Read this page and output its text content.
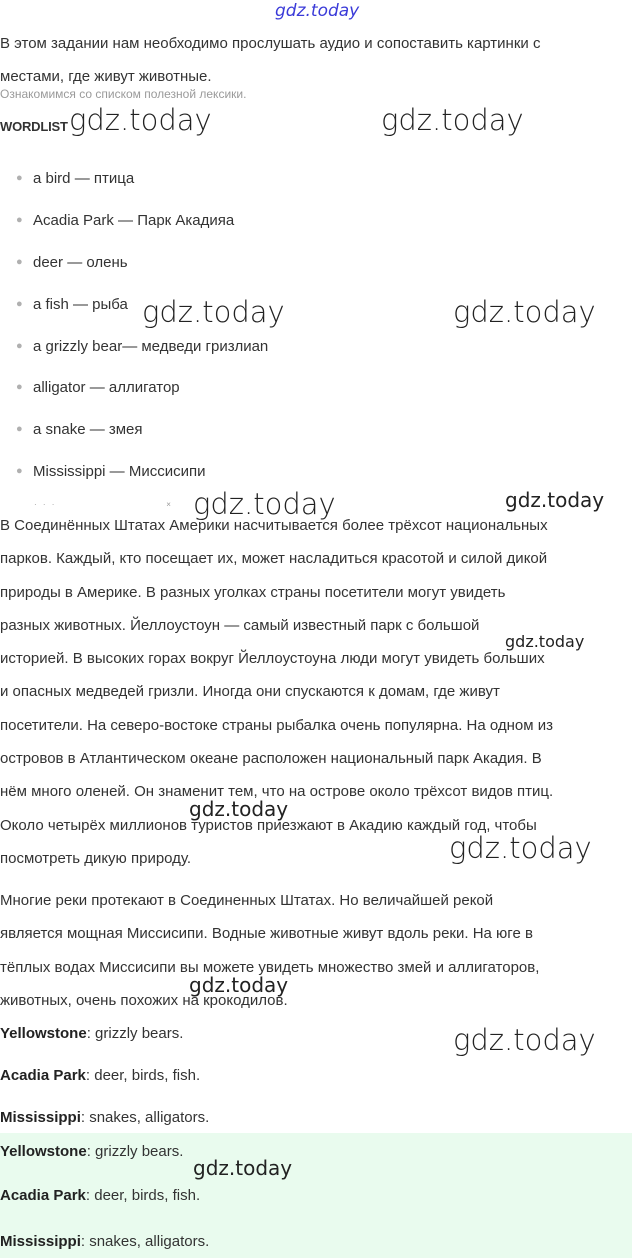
gdz.today
В этом задании нам необходимо прослушать аудио и сопоставить картинки с
местами, где живут животные.
Ознакомимся со списком полезной лексики.
WORDLIST
● a bird — птица
● Acadia Park — Парк Акадияа
● deer — олень
● a fish — рыба
● a grizzly bear— медведи гризлиan
● alligator — аллигатор
● a snake — змея
● Mississippi — Миссисипи
· · ·                          ×
В Соединённых Штатах Америки насчитывается более трёхсот национальных
парков. Каждый, кто посещает их, может насладиться красотой и силой дикой
природы в Америке. В разных уголках страны посетители могут увидеть
разных животных. Йеллоустоун — самый известный парк с большой
историей. В высоких горах вокруг Йеллоустоуна люди могут увидеть больших
и опасных медведей гризли. Иногда они спускаются к домам, где живут
посетители. На северо-востоке страны рыбалка очень популярна. На одном из
островов в Атлантическом океане расположен национальный парк Акадия. В
нём много оленей. Он знаменит тем, что на острове около трёхсот видов птиц.
Около четырёх миллионов туристов приезжают в Акадию каждый год, чтобы
посмотреть дикую природу.
Многие реки протекают в Соединенных Штатах. Но величайшей рекой
является мощная Миссисипи. Водные животные живут вдоль реки. На юге в
тёплых водах Миссисипи вы можете увидеть множество змей и аллигаторов,
животных, очень похожих на крокодилов.
Yellowstone: grizzly bears.
Acadia Park: deer, birds, fish.
Mississippi: snakes, alligators.
Yellowstone: grizzly bears.
Acadia Park: deer, birds, fish.
Mississippi: snakes, alligators.
gdz.today	gdz.today
gdz.today	gdz.today
gdz.today	gdz.today
gdz.today
gdz.today
gdz.today
gdz.today
gdz.today
gdz.today
